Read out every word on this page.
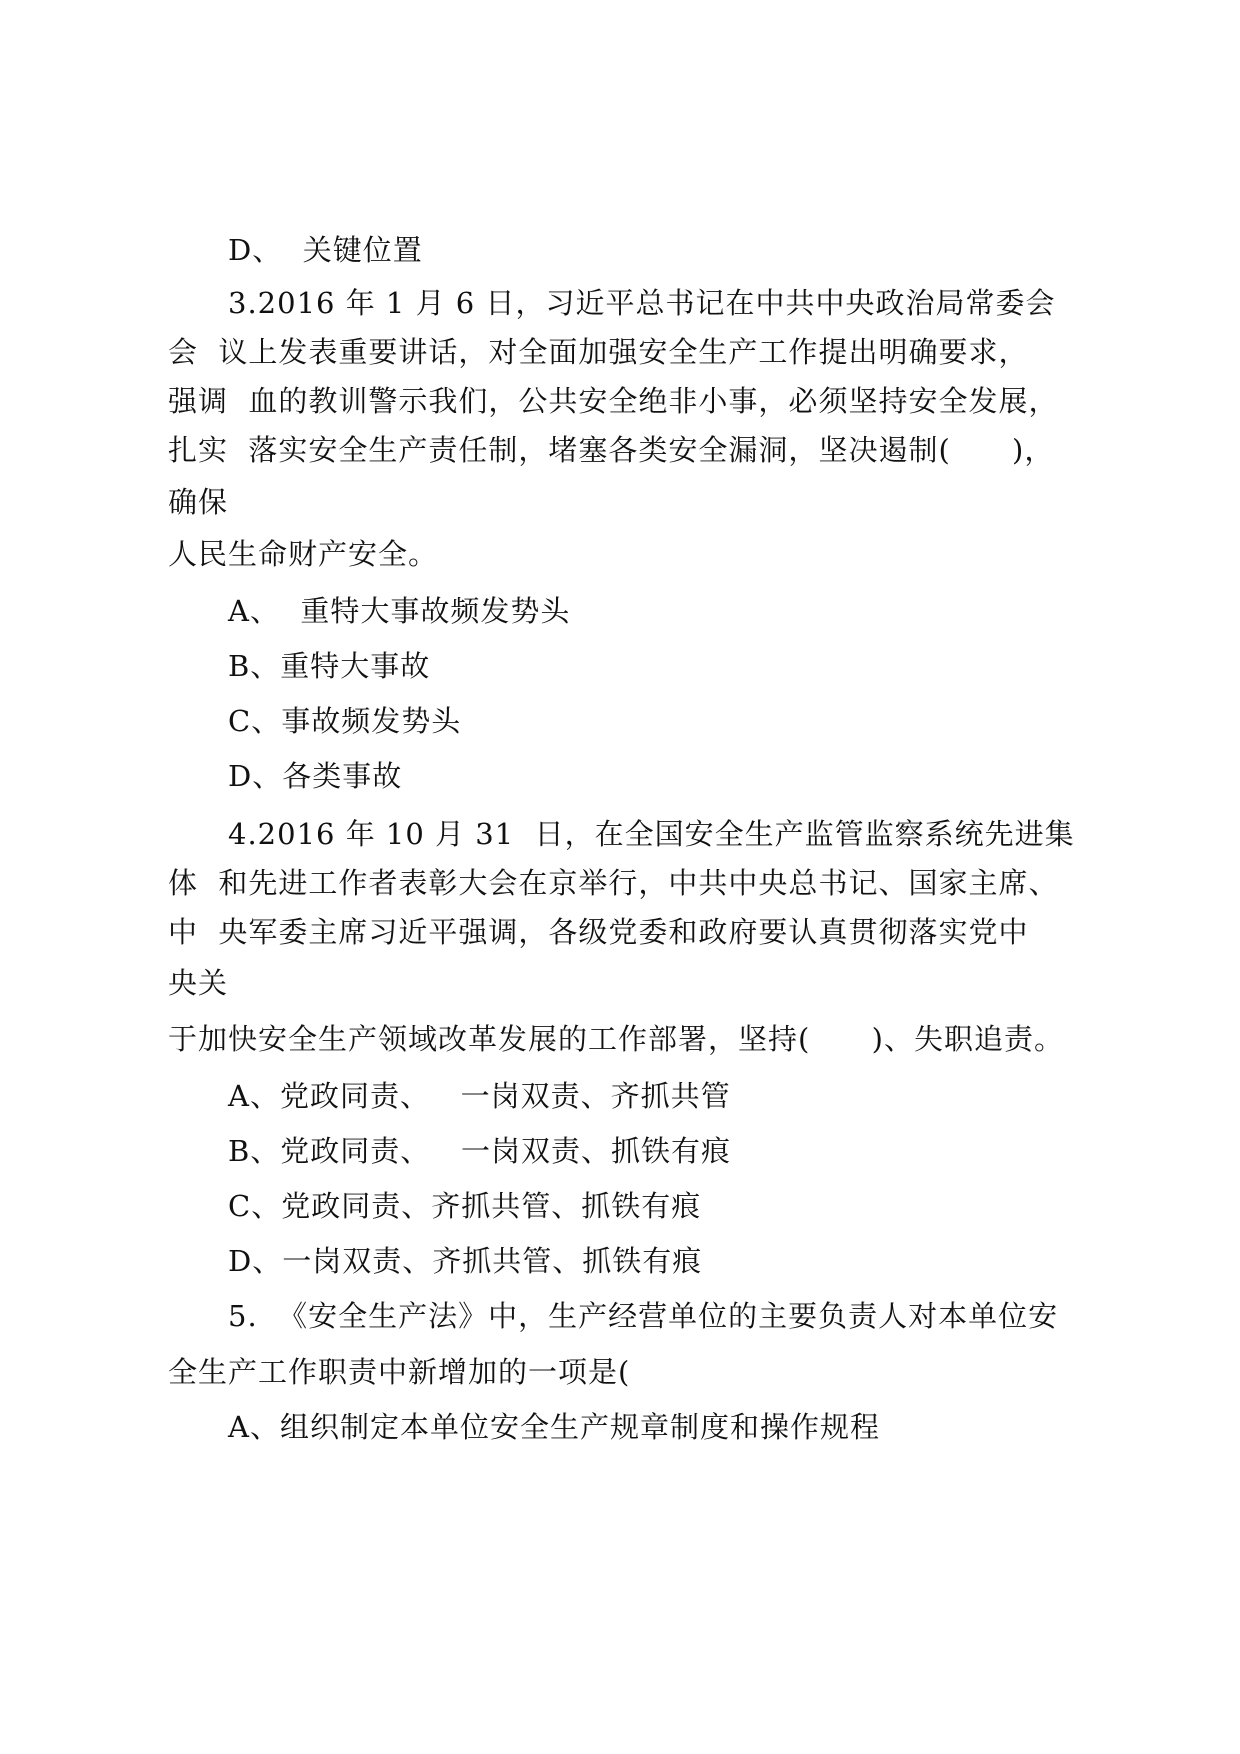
D、  关键位置
3.2016 年 1 月 6 日，习近平总书记在中共中央政治局常委会
会  议上发表重要讲话，对全面加强安全生产工作提出明确要求，
强调  血的教训警示我们，公共安全绝非小事，必须坚持安全发展，
扎实  落实安全生产责任制，堵塞各类安全漏洞，坚决遏制(      )，
确保
人民生命财产安全。
A、  重特大事故频发势头
B、重特大事故
C、事故频发势头
D、各类事故
4.2016 年 10 月 31  日，在全国安全生产监管监察系统先进集
体  和先进工作者表彰大会在京举行，中共中央总书记、国家主席、
中  央军委主席习近平强调，各级党委和政府要认真贯彻落实党中
央关
于加快安全生产领域改革发展的工作部署，坚持(      )、失职追责。
A、党政同责、   一岗双责、齐抓共管
B、党政同责、   一岗双责、抓铁有痕
C、党政同责、齐抓共管、抓铁有痕
D、一岗双责、齐抓共管、抓铁有痕
5.  《安全生产法》中，生产经营单位的主要负责人对本单位安
全生产工作职责中新增加的一项是(
A、组织制定本单位安全生产规章制度和操作规程
